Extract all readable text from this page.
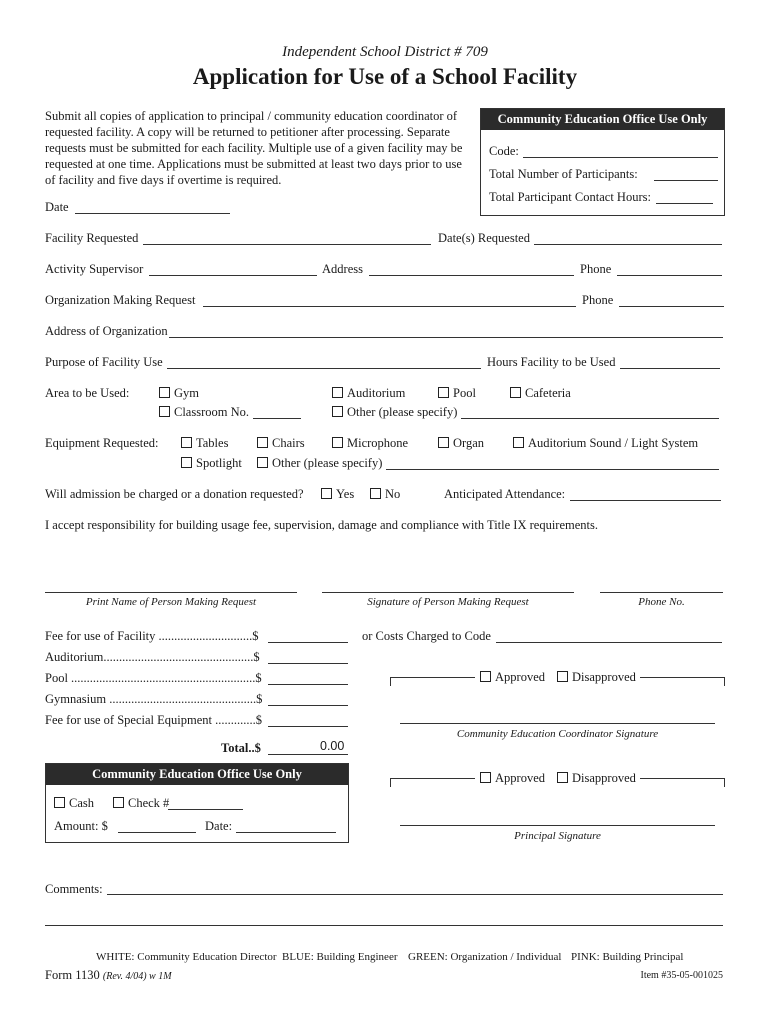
Independent School District # 709
Application for Use of a School Facility
Submit all copies of application to principal / community education coordinator of
requested facility. A copy will be returned to petitioner after processing. Separate
requests must be submitted for each facility. Multiple use of a given facility may be
requested at one time. Applications must be submitted at least two days prior to use
of facility and five days if overtime is required.
Community Education Office Use Only
Code:
Total Number of Participants:
Total Participant Contact Hours:
Date
Facility Requested	Date(s) Requested
Activity Supervisor	Address	Phone
Organization Making Request	Phone
Address of Organization
Purpose of Facility Use	Hours Facility to be Used
Area to be Used:	Gym	Auditorium	Pool	Cafeteria
Classroom No.	Other (please specify)
Equipment Requested:	Tables	Chairs	Microphone	Organ	Auditorium Sound / Light System
Spotlight	Other (please specify)
Will admission be charged or a donation requested?	Yes	No	Anticipated Attendance:
I accept responsibility for building usage fee, supervision, damage and compliance with Title IX requirements.
Print Name of Person Making Request	Signature of Person Making Request	Phone No.
Fee for use of Facility ..............................$	or Costs Charged to Code
Auditorium................................................$
Pool ...........................................................$
Gymnasium ...............................................$
Fee for use of Special Equipment .............$
Total..$	0.00
Approved	Disapproved
Community Education Coordinator Signature
Community Education Office Use Only
Cash	Check #
Amount: $	Date:
Approved	Disapproved
Principal Signature
Comments:
WHITE: Community Education Director BLUE: Building Engineer GREEN: Organization / Individual PINK: Building Principal
Form 1130 (Rev. 4/04) w 1M	Item #35-05-001025
